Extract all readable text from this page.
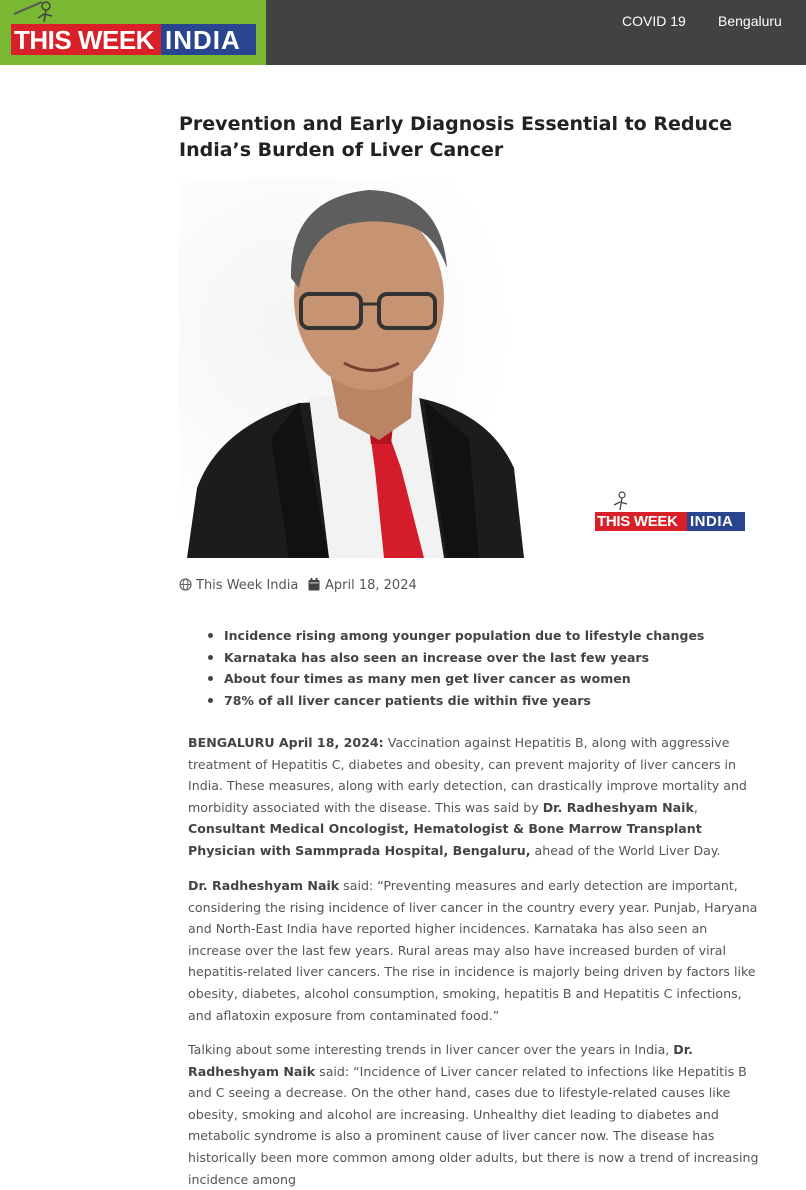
THIS WEEK INDIA
COVID 19 Bengaluru
Prevention and Early Diagnosis Essential to Reduce India’s Burden of Liver Cancer
THIS WEEK INDIA
This Week India April 18, 2024
Incidence rising among younger population due to lifestyle changes
Karnataka has also seen an increase over the last few years
About four times as many men get liver cancer as women
78% of all liver cancer patients die within five years

BENGALURU April 18, 2024: Vaccination against Hepatitis B, along with aggressive treatment of Hepatitis C, diabetes and obesity, can prevent majority of liver cancers in India. These measures, along with early detection, can drastically improve mortality and morbidity associated with the disease. This was said by Dr. Radheshyam Naik, Consultant Medical Oncologist, Hematologist & Bone Marrow Transplant Physician with Sammprada Hospital, Bengaluru, ahead of the World Liver Day.

Dr. Radheshyam Naik said: “Preventing measures and early detection are important, considering the rising incidence of liver cancer in the country every year. Punjab, Haryana and North-East India have reported higher incidences. Karnataka has also seen an increase over the last few years. Rural areas may also have increased burden of viral hepatitis-related liver cancers. The rise in incidence is majorly being driven by factors like obesity, diabetes, alcohol consumption, smoking, hepatitis B and Hepatitis C infections, and aflatoxin exposure from contaminated food.”

Talking about some interesting trends in liver cancer over the years in India, Dr. Radheshyam Naik said: “Incidence of Liver cancer related to infections like Hepatitis B and C seeing a decrease. On the other hand, cases due to lifestyle-related causes like obesity, smoking and alcohol are increasing. Unhealthy diet leading to diabetes and metabolic syndrome is also a prominent cause of liver cancer now. The disease has historically been more common among older adults, but there is now a trend of increasing incidence among
